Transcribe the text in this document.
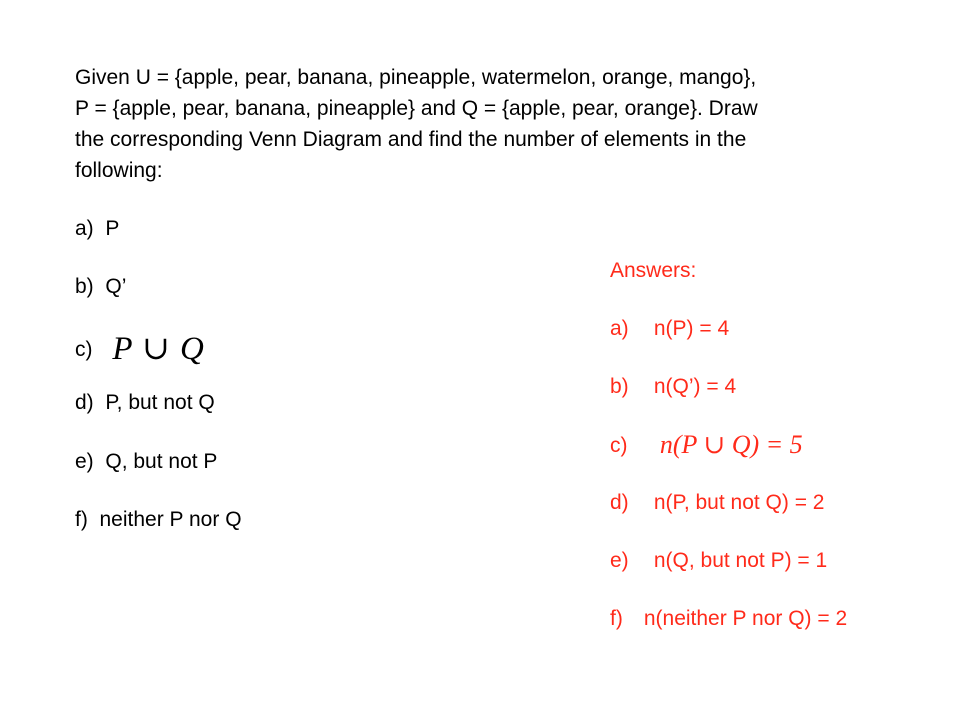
Given U = {apple, pear, banana, pineapple, watermelon, orange, mango},
P = {apple, pear, banana, pineapple} and Q = {apple, pear, orange}. Draw
the corresponding Venn Diagram and find the number of elements in the
following:
a) P
b) Q’
c) P ∪ Q
d) P, but not Q
e) Q, but not P
f) neither P nor Q
Answers:
a) n(P) = 4
b) n(Q’) = 4
c) n(P ∪ Q) = 5
d) n(P, but not Q) = 2
e) n(Q, but not P) = 1
f) n(neither P nor Q) = 2
